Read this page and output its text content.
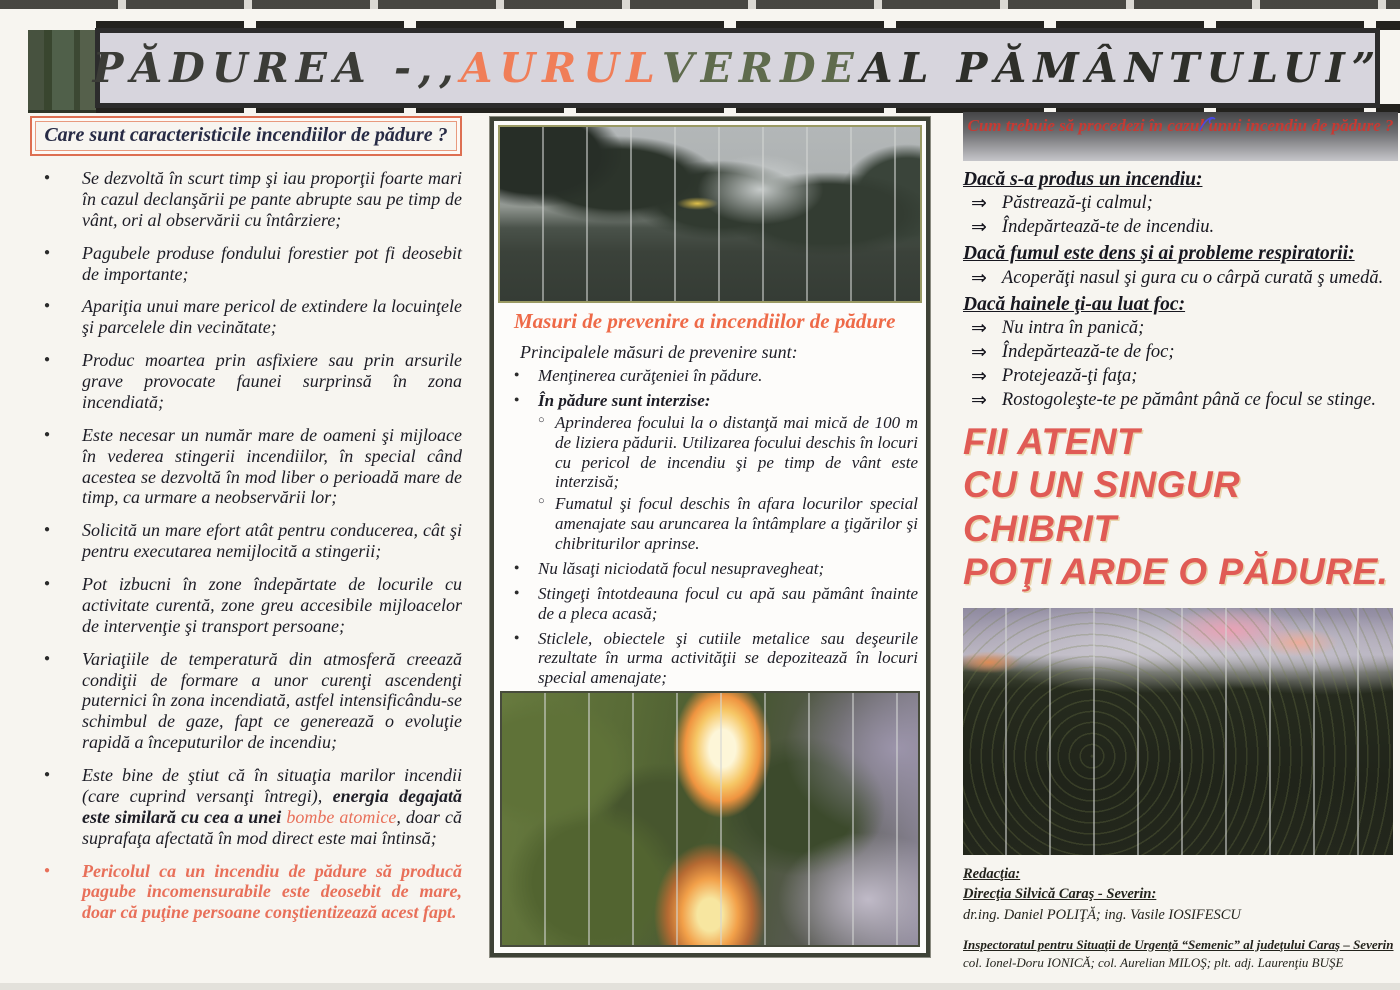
PĂDUREA -,, AURUL VERDE AL PĂMÂNTULUI”
Care sunt caracteristicile incendiilor de pădure ?
● Se dezvoltă în scurt timp şi iau proporţii foarte mari în cazul declanşării pe pante abrupte sau pe timp de vânt, ori al observării cu întârziere;
● Pagubele produse fondului forestier pot fi deosebit de importante;
● Apariţia unui mare pericol de extindere la locuinţele şi parcelele din vecinătate;
● Produc moartea prin asfixiere sau prin arsurile grave provocate faunei surprinsă în zona incendiată;
● Este necesar un număr mare de oameni şi mijloace în vederea stingerii incendiilor, în special când acestea se dezvoltă în mod liber o perioadă mare de timp, ca urmare a neobservării lor;
● Solicită un mare efort atât pentru conducerea, cât şi pentru executarea nemijlocită a stingerii;
● Pot izbucni în zone îndepărtate de locurile cu activitate curentă, zone greu accesibile mijloacelor de intervenţie şi transport persoane;
● Variaţiile de temperatură din atmosferă creează condiţii de formare a unor curenţi ascendenţi puternici în zona incendiată, astfel intensificându-se schimbul de gaze, fapt ce generează o evoluţie rapidă a începuturilor de incendiu;
● Este bine de ştiut că în situaţia marilor incendii (care cuprind versanţi întregi), energia degajată este similară cu cea a unei bombe atomice, doar că suprafaţa afectată în mod direct este mai întinsă;
● Pericolul ca un incendiu de pădure să producă pagube incomensurabile este deosebit de mare, doar că puţine persoane conştientizează acest fapt.
Masuri de prevenire a incendiilor de pădure

Principalele măsuri de prevenire sunt:

● Menţinerea curăţeniei în pădure.
● În pădure sunt interzise:
○ Aprinderea focului la o distanţă mai mică de 100 m de liziera pădurii. Utilizarea focului deschis în locuri cu pericol de incendiu şi pe timp de vânt este interzisă;
○ Fumatul şi focul deschis în afara locurilor special amenajate sau aruncarea la întâmplare a ţigărilor şi chibriturilor aprinse.
● Nu lăsaţi niciodată focul nesupravegheat;
● Stingeţi întotdeauna focul cu apă sau pământ înainte de a pleca acasă;
● Sticlele, obiectele şi cutiile metalice sau deşeurile rezultate în urma activităţii se depozitează în locuri special amenajate;
●
Cum trebuie să procedezi în cazul unui incendiu de pădure ?
Dacă s-a produs un incendiu:
⇒ Păstrează-ţi calmul;
⇒ Îndepărtează-te de incendiu.
Dacă fumul este dens şi ai probleme respiratorii:
⇒ Acoperăţi nasul şi gura cu o cârpă curată ş umedă.
Dacă hainele ţi-au luat foc:
⇒ Nu intra în panică;
⇒ Îndepărtează-te de foc;
⇒ Protejează-ţi faţa;
⇒ Rostogoleşte-te pe pământ până ce focul se stinge.
FII ATENT
CU UN SINGUR CHIBRIT
POŢI ARDE O PĂDURE.
Redacţia:
Direcţia Silvică Caraş - Severin:
dr.ing. Daniel POLIŢĂ; ing. Vasile IOSIFESCU
Inspectoratul pentru Situaţii de Urgenţă “Semenic” al judeţului Caraş – Severin
col. Ionel-Doru IONICĂ; col. Aurelian MILOŞ; plt. adj. Laurenţiu BUŞE
